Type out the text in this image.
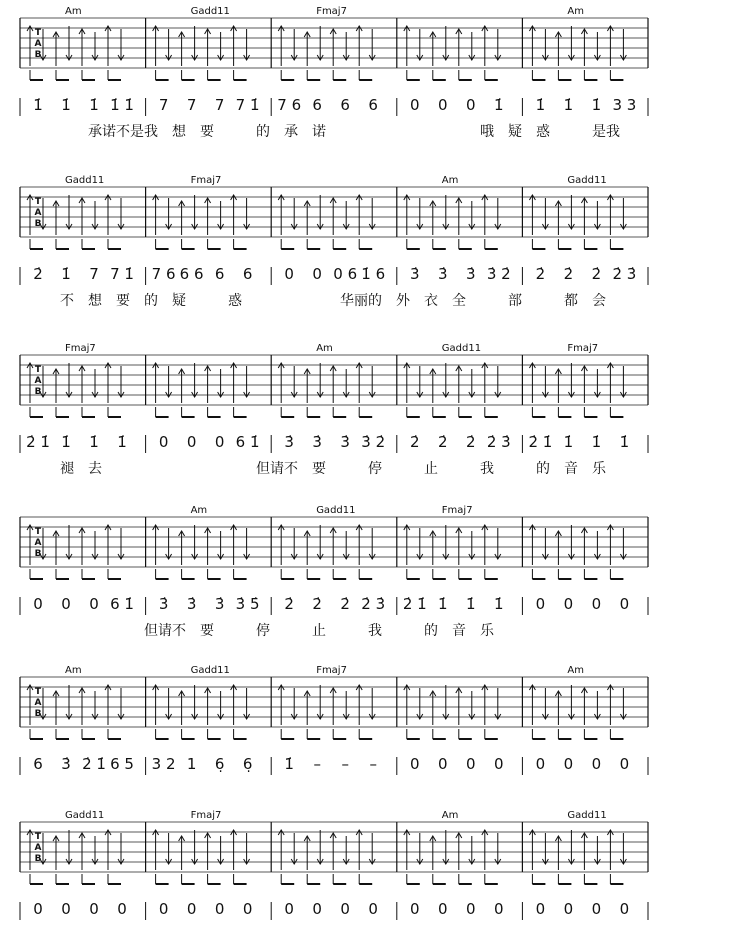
T
A
B
Am	Gadd11	Fmaj7	Am
1̇ 1̇ 1̇ 1̇ 1̇ 7 7 7 7 1̇ 7 6 6 6 6 0 0 0 1̇ 1̇ 1̇ 1̇ 3 3
承诺 不是 我 想 要	的 承 诺	哦 疑 惑	是我
T
A
B
Gadd11	Fmaj7	Am	Gadd11
2̇ 1̇ 7 7 1̇ 7 6 6 6 6 6 0 0 0 6 1̇ 6 3̇ 3̇ 3̇ 3̇ 2̇ 2̇ 2̇ 2̇ 2̇ 3̇
不 想 要 的 疑	惑	华丽的 外 衣 全	部	都 会
T
A
B
Fmaj7	Am	Gadd11	Fmaj7
2̇ 1̇ 1̇ 1̇ 1̇ 0 0 0 6 1̇ 3̇ 3̇ 3̇ 3̇ 2̇ 2̇ 2̇ 2̇ 2̇ 3̇ 2̇ 1̇ 1̇ 1̇ 1̇
褪 去	但请 不 要	停	止	我	的 音 乐
T
A
B
Am	Gadd11	Fmaj7
0 0 0 6 1̇ 3̇ 3̇ 3̇ 3̇ 5̇ 2̇ 2̇ 2̇ 2̇ 3̇ 2̇ 1̇ 1̇ 1̇ 1̇ 0 0 0 0
但请 不 要	停	止	我	的 音 乐
T
A
B
Am	Gadd11	Fmaj7	Am
6 3̇ 2̇ 1̇ 6 5 3 2 1 6̣ 6̣ 1̇ – – – 0 0 0 0 0 0 0 0
T
A
B
Gadd11	Fmaj7	Am	Gadd11
0 0 0 0 0 0 0 0 0 0 0 0 0 0 0 0 0 0 0 0
